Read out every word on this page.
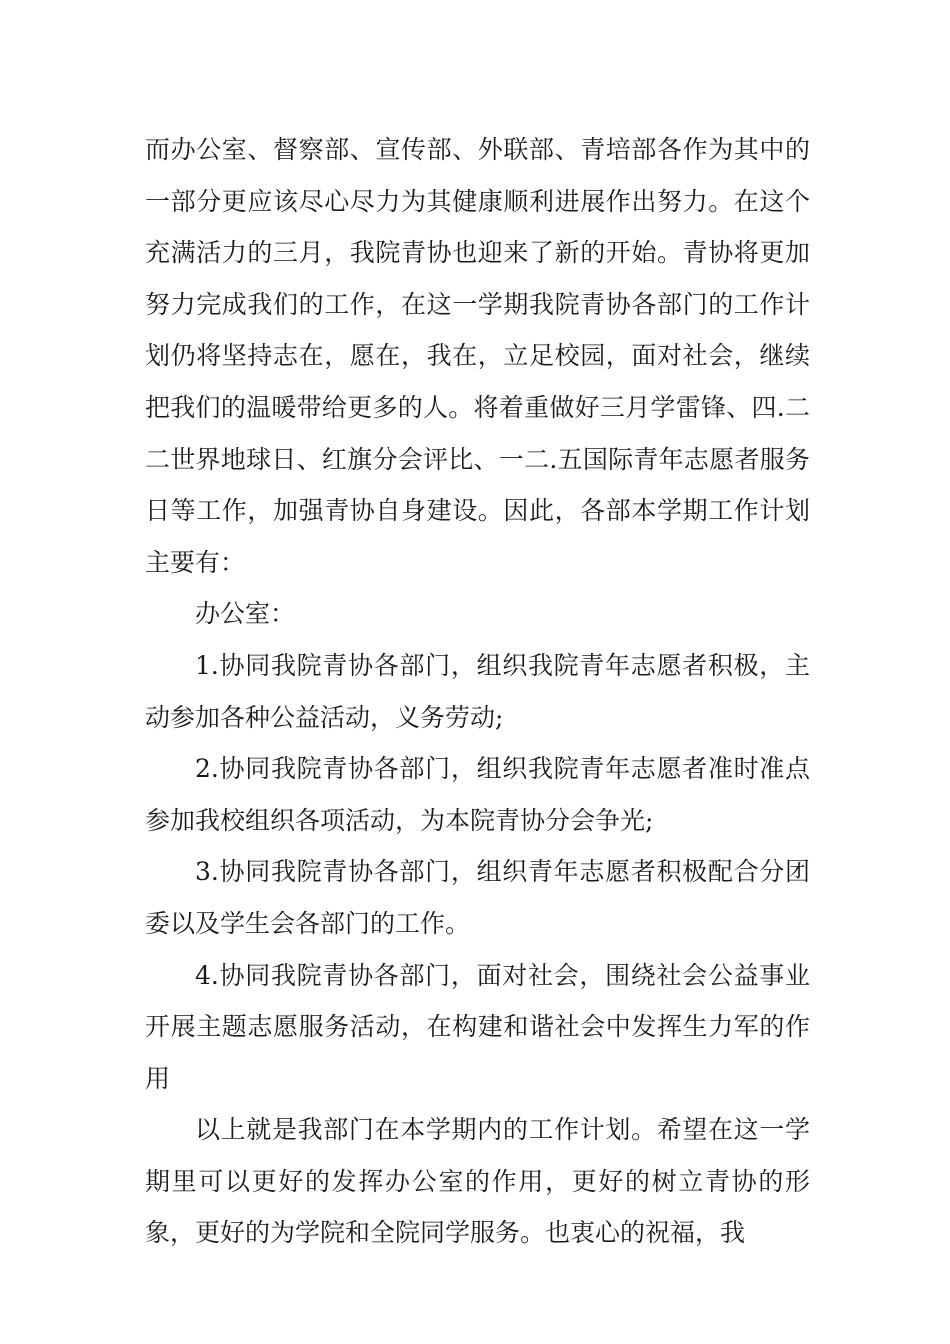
而办公室、督察部、宣传部、外联部、青培部各作为其中的一部分更应该尽心尽力为其健康顺利进展作出努力。在这个充满活力的三月，我院青协也迎来了新的开始。青协将更加努力完成我们的工作，在这一学期我院青协各部门的工作计划仍将坚持志在，愿在，我在，立足校园，面对社会，继续把我们的温暖带给更多的人。将着重做好三月学雷锋、四.二二世界地球日、红旗分会评比、一二.五国际青年志愿者服务日等工作，加强青协自身建设。因此，各部本学期工作计划主要有：

办公室：

1.协同我院青协各部门，组织我院青年志愿者积极，主动参加各种公益活动，义务劳动;

2.协同我院青协各部门，组织我院青年志愿者准时准点参加我校组织各项活动，为本院青协分会争光;

3.协同我院青协各部门，组织青年志愿者积极配合分团委以及学生会各部门的工作。

4.协同我院青协各部门，面对社会，围绕社会公益事业开展主题志愿服务活动，在构建和谐社会中发挥生力军的作用

以上就是我部门在本学期内的工作计划。希望在这一学期里可以更好的发挥办公室的作用，更好的树立青协的形象，更好的为学院和全院同学服务。也衷心的祝福，我
